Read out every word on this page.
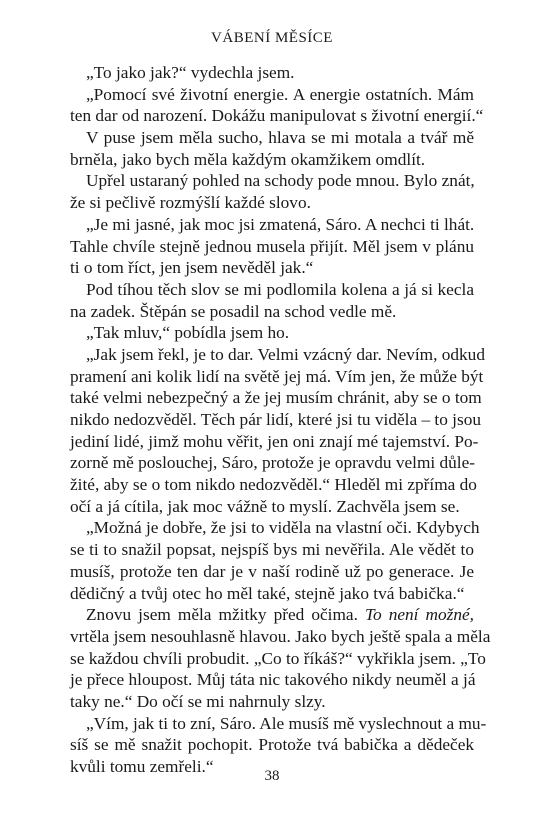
VÁBENÍ MĚSÍCE
„To jako jak?“ vydechla jsem.
„Pomocí své životní energie. A energie ostatních. Mám
ten dar od narození. Dokážu manipulovat s životní energií.“
V puse jsem měla sucho, hlava se mi motala a tvář mě
brněla, jako bych měla každým okamžikem omdlít.
Upřel ustaraný pohled na schody pode mnou. Bylo znát,
že si pečlivě rozmýšlí každé slovo.
„Je mi jasné, jak moc jsi zmatená, Sáro. A nechci ti lhát.
Tahle chvíle stejně jednou musela přijít. Měl jsem v plánu
ti o tom říct, jen jsem nevěděl jak.“
Pod tíhou těch slov se mi podlomila kolena a já si kecla
na zadek. Štěpán se posadil na schod vedle mě.
„Tak mluv,“ pobídla jsem ho.
„Jak jsem řekl, je to dar. Velmi vzácný dar. Nevím, odkud
pramení ani kolik lidí na světě jej má. Vím jen, že může být
také velmi nebezpečný a že jej musím chránit, aby se o tom
nikdo nedozvěděl. Těch pár lidí, které jsi tu viděla – to jsou
jediní lidé, jimž mohu věřit, jen oni znají mé tajemství. Po-
zorně mě poslouchej, Sáro, protože je opravdu velmi důle-
žité, aby se o tom nikdo nedozvěděl.“ Hleděl mi zpříma do
očí a já cítila, jak moc vážně to myslí. Zachvěla jsem se.
„Možná je dobře, že jsi to viděla na vlastní oči. Kdybych
se ti to snažil popsat, nejspíš bys mi nevěřila. Ale vědět to
musíš, protože ten dar je v naší rodině už po generace. Je
dědičný a tvůj otec ho měl také, stejně jako tvá babička.“
Znovu jsem měla mžitky před očima. To není možné,
vrtěla jsem nesouhlasně hlavou. Jako bych ještě spala a měla
se každou chvíli probudit. „Co to říkáš?“ vykřikla jsem. „To
je přece hloupost. Můj táta nic takového nikdy neuměl a já
taky ne.“ Do očí se mi nahrnuly slzy.
„Vím, jak ti to zní, Sáro. Ale musíš mě vyslechnout a mu-
síš se mě snažit pochopit. Protože tvá babička a dědeček
kvůli tomu zemřeli.“	38
